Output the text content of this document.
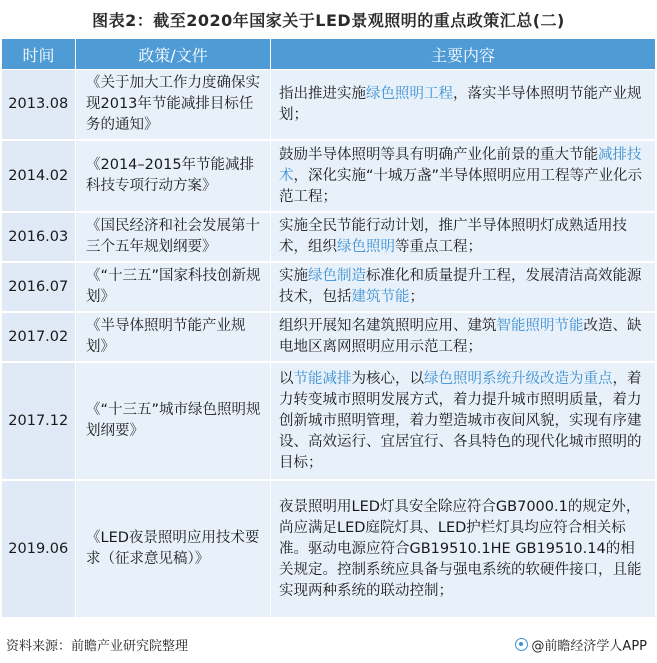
图表2：截至2020年国家关于LED景观照明的重点政策汇总(二)
时间	政策/文件	主要内容
2013.08	《关于加大工作力度确保实现2013年节能减排目标任务的通知》	指出推进实施绿色照明工程，落实半导体照明节能产业规划；
2014.02	《2014–2015年节能减排科技专项行动方案》	鼓励半导体照明等具有明确产业化前景的重大节能减排技术，深化实施“十城万盏”半导体照明应用工程等产业化示范工程；
2016.03	《国民经济和社会发展第十三个五年规划纲要》	实施全民节能行动计划，推广半导体照明灯成熟适用技术，组织绿色照明等重点工程；
2016.07	《“十三五”国家科技创新规划》	实施绿色制造标准化和质量提升工程，发展清洁高效能源技术，包括建筑节能；
2017.02	《半导体照明节能产业规划》	组织开展知名建筑照明应用、建筑智能照明节能改造、缺电地区离网照明应用示范工程；
2017.12	《“十三五”城市绿色照明规划纲要》	以节能减排为核心，以绿色照明系统升级改造为重点，着力转变城市照明发展方式，着力提升城市照明质量，着力创新城市照明管理，着力塑造城市夜间风貌，实现有序建设、高效运行、宜居宜行、各具特色的现代化城市照明的目标；
2019.06	《LED夜景照明应用技术要求（征求意见稿）》	夜景照明用LED灯具安全除应符合GB7000.1的规定外，尚应满足LED庭院灯具、LED护栏灯具均应符合相关标准。驱动电源应符合GB19510.1HE GB19510.14的相关规定。控制系统应具备与强电系统的软硬件接口，且能实现两种系统的联动控制；
资料来源：前瞻产业研究院整理	@前瞻经济学人APP
